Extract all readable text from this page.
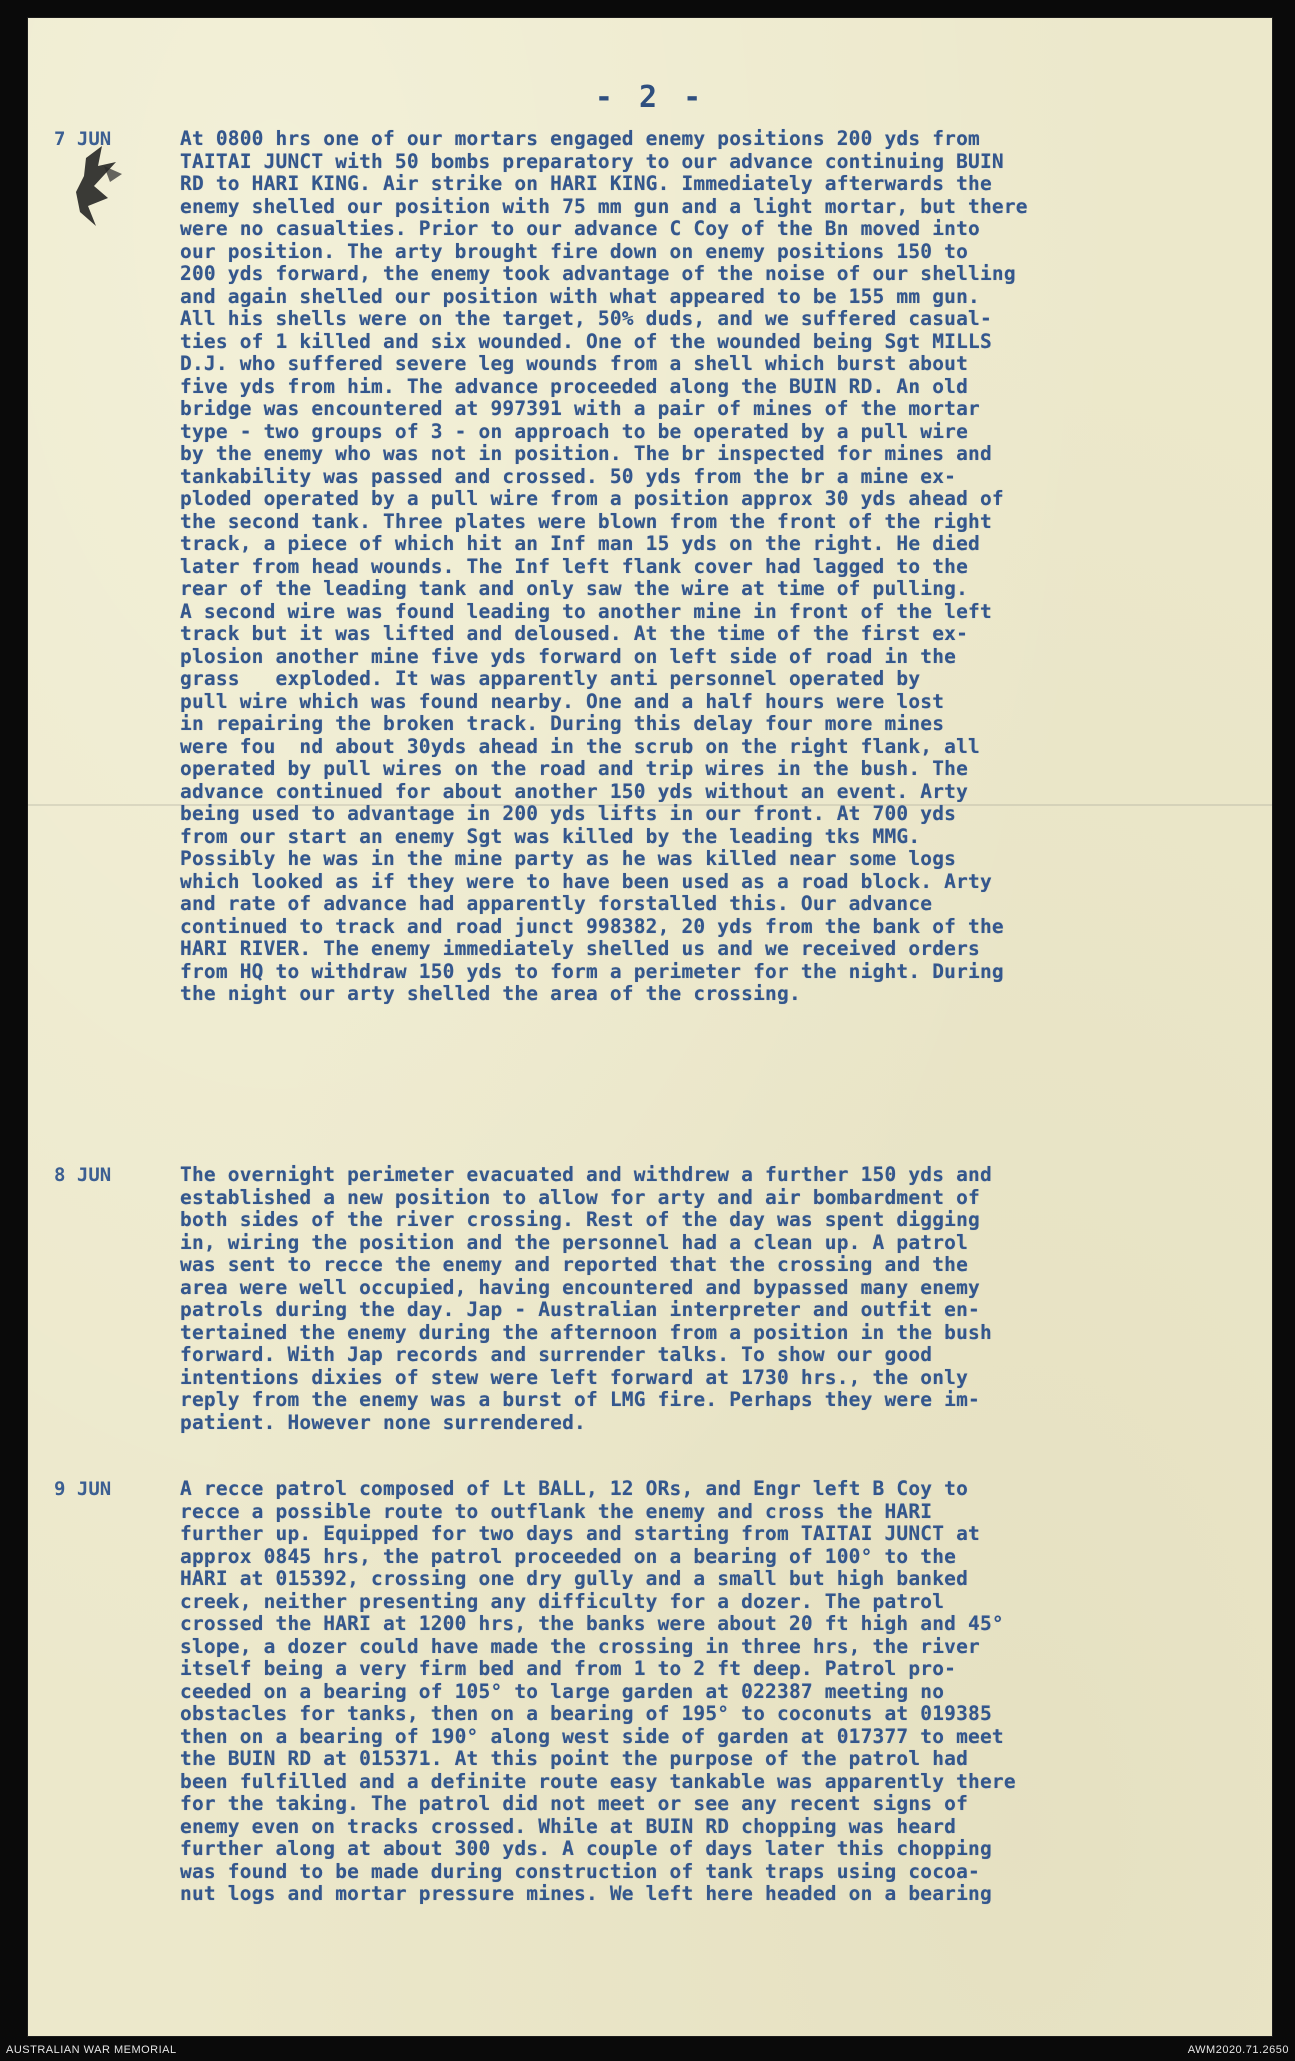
- 2 -
7 JUN	At 0800 hrs one of our mortars engaged enemy positions 200 yds from
TAITAI JUNCT with 50 bombs preparatory to our advance continuing BUIN
RD to HARI KING. Air strike on HARI KING. Immediately afterwards the
enemy shelled our position with 75 mm gun and a light mortar, but there
were no casualties. Prior to our advance C Coy of the Bn moved into
our position. The arty brought fire down on enemy positions 150 to
200 yds forward, the enemy took advantage of the noise of our shelling
and again shelled our position with what appeared to be 155 mm gun.
All his shells were on the target, 50% duds, and we suffered casual-
ties of 1 killed and six wounded. One of the wounded being Sgt MILLS
D.J. who suffered severe leg wounds from a shell which burst about
five yds from him. The advance proceeded along the BUIN RD. An old
bridge was encountered at 997391 with a pair of mines of the mortar
type - two groups of 3 - on approach to be operated by a pull wire
by the enemy who was not in position. The br inspected for mines and
tankability was passed and crossed. 50 yds from the br a mine ex-
ploded operated by a pull wire from a position approx 30 yds ahead of
the second tank. Three plates were blown from the front of the right
track, a piece of which hit an Inf man 15 yds on the right. He died
later from head wounds. The Inf left flank cover had lagged to the
rear of the leading tank and only saw the wire at time of pulling.
A second wire was found leading to another mine in front of the left
track but it was lifted and deloused. At the time of the first ex-
plosion another mine five yds forward on left side of road in the
grass   exploded. It was apparently anti personnel operated by
pull wire which was found nearby. One and a half hours were lost
in repairing the broken track. During this delay four more mines
were fou  nd about 30yds ahead in the scrub on the right flank, all
operated by pull wires on the road and trip wires in the bush. The
advance continued for about another 150 yds without an event. Arty
being used to advantage in 200 yds lifts in our front. At 700 yds
from our start an enemy Sgt was killed by the leading tks MMG.
Possibly he was in the mine party as he was killed near some logs
which looked as if they were to have been used as a road block. Arty
and rate of advance had apparently forstalled this. Our advance
continued to track and road junct 998382, 20 yds from the bank of the
HARI RIVER. The enemy immediately shelled us and we received orders
from HQ to withdraw 150 yds to form a perimeter for the night. During
the night our arty shelled the area of the crossing.
8 JUN	The overnight perimeter evacuated and withdrew a further 150 yds and
established a new position to allow for arty and air bombardment of
both sides of the river crossing. Rest of the day was spent digging
in, wiring the position and the personnel had a clean up. A patrol
was sent to recce the enemy and reported that the crossing and the
area were well occupied, having encountered and bypassed many enemy
patrols during the day. Jap - Australian interpreter and outfit en-
tertained the enemy during the afternoon from a position in the bush
forward. With Jap records and surrender talks. To show our good
intentions dixies of stew were left forward at 1730 hrs., the only
reply from the enemy was a burst of LMG fire. Perhaps they were im-
patient. However none surrendered.
9 JUN	A recce patrol composed of Lt BALL, 12 ORs, and Engr left B Coy to
recce a possible route to outflank the enemy and cross the HARI
further up. Equipped for two days and starting from TAITAI JUNCT at
approx 0845 hrs, the patrol proceeded on a bearing of 100° to the
HARI at 015392, crossing one dry gully and a small but high banked
creek, neither presenting any difficulty for a dozer. The patrol
crossed the HARI at 1200 hrs, the banks were about 20 ft high and 45°
slope, a dozer could have made the crossing in three hrs, the river
itself being a very firm bed and from 1 to 2 ft deep. Patrol pro-
ceeded on a bearing of 105° to large garden at 022387 meeting no
obstacles for tanks, then on a bearing of 195° to coconuts at 019385
then on a bearing of 190° along west side of garden at 017377 to meet
the BUIN RD at 015371. At this point the purpose of the patrol had
been fulfilled and a definite route easy tankable was apparently there
for the taking. The patrol did not meet or see any recent signs of
enemy even on tracks crossed. While at BUIN RD chopping was heard
further along at about 300 yds. A couple of days later this chopping
was found to be made during construction of tank traps using cocoa-
nut logs and mortar pressure mines. We left here headed on a bearing
AUSTRALIAN WAR MEMORIAL	AWM2020.71.2650
